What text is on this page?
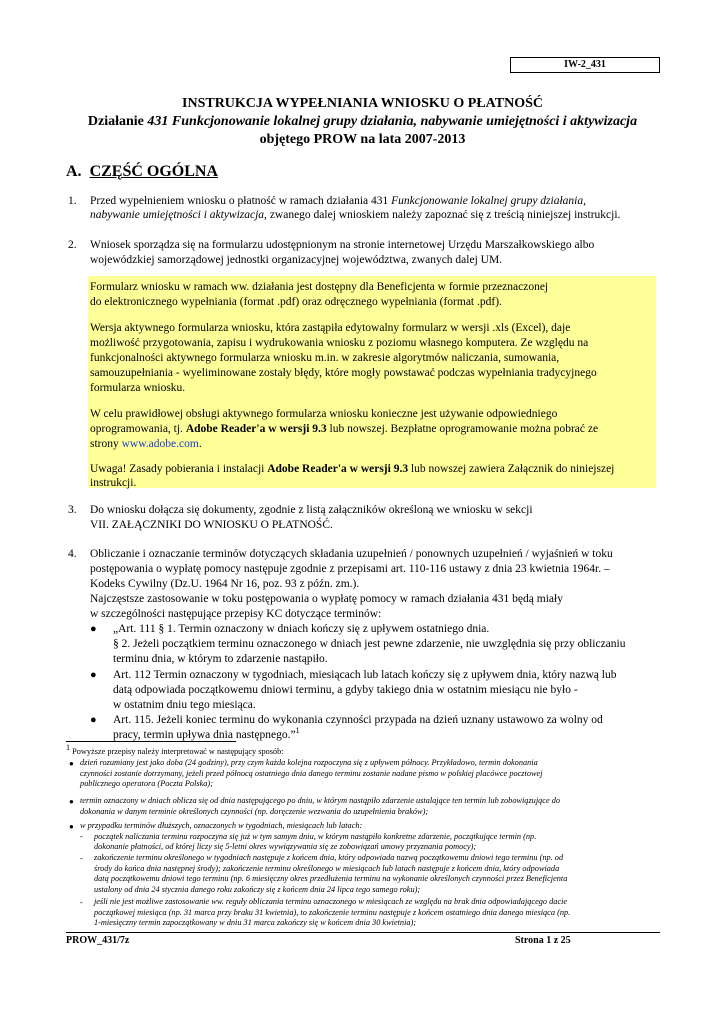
IW-2_431
INSTRUKCJA WYPEŁNIANIA WNIOSKU O PŁATNOŚĆ
Działanie 431 Funkcjonowanie lokalnej grupy działania, nabywanie umiejętności i aktywizacja
objętego PROW na lata 2007-2013
A. CZĘŚĆ OGÓLNA
1. Przed wypełnieniem wniosku o płatność w ramach działania 431 Funkcjonowanie lokalnej grupy działania,
nabywanie umiejętności i aktywizacja, zwanego dalej wnioskiem należy zapoznać się z treścią niniejszej instrukcji.
2. Wniosek sporządza się na formularzu udostępnionym na stronie internetowej Urzędu Marszałkowskiego albo
wojewódzkiej samorządowej jednostki organizacyjnej województwa, zwanych dalej UM.
Formularz wniosku w ramach ww. działania jest dostępny dla Beneficjenta w formie przeznaczonej
do elektronicznego wypełniania (format .pdf) oraz odręcznego wypełniania (format .pdf).
Wersja aktywnego formularza wniosku, która zastąpiła edytowalny formularz w wersji .xls (Excel), daje
możliwość przygotowania, zapisu i wydrukowania wniosku z poziomu własnego komputera. Ze względu na
funkcjonalności aktywnego formularza wniosku m.in. w zakresie algorytmów naliczania, sumowania,
samouzupełniania - wyeliminowane zostały błędy, które mogły powstawać podczas wypełniania tradycyjnego
formularza wniosku.
W celu prawidłowej obsługi aktywnego formularza wniosku konieczne jest używanie odpowiedniego
oprogramowania, tj. Adobe Reader'a w wersji 9.3 lub nowszej. Bezpłatne oprogramowanie można pobrać ze
strony www.adobe.com.
Uwaga! Zasady pobierania i instalacji Adobe Reader'a w wersji 9.3 lub nowszej zawiera Załącznik do niniejszej
instrukcji.
3. Do wniosku dołącza się dokumenty, zgodnie z listą załączników określoną we wniosku w sekcji
VII. ZAŁĄCZNIKI DO WNIOSKU O PŁATNOŚĆ.
4. Obliczanie i oznaczanie terminów dotyczących składania uzupełnień / ponownych uzupełnień / wyjaśnień w toku
postępowania o wypłatę pomocy następuje zgodnie z przepisami art. 110-116 ustawy z dnia 23 kwietnia 1964r. –
Kodeks Cywilny (Dz.U. 1964 Nr 16, poz. 93 z późn. zm.).
Najczęstsze zastosowanie w toku postępowania o wypłatę pomocy w ramach działania 431 będą miały
w szczególności następujące przepisy KC dotyczące terminów:
● „Art. 111 § 1. Termin oznaczony w dniach kończy się z upływem ostatniego dnia.
§ 2. Jeżeli początkiem terminu oznaczonego w dniach jest pewne zdarzenie, nie uwzględnia się przy obliczaniu
terminu dnia, w którym to zdarzenie nastąpiło.
● Art. 112 Termin oznaczony w tygodniach, miesiącach lub latach kończy się z upływem dnia, który nazwą lub
datą odpowiada początkowemu dniowi terminu, a gdyby takiego dnia w ostatnim miesiącu nie było -
w ostatnim dniu tego miesiąca.
● Art. 115. Jeżeli koniec terminu do wykonania czynności przypada na dzień uznany ustawowo za wolny od
pracy, termin upływa dnia następnego.”$^1$
$^1$ Powyższe przepisy należy interpretować w następujący sposób:
● dzień rozumiany jest jako doba (24 godziny), przy czym każda kolejna rozpoczyna się z upływem północy. Przykładowo, termin dokonania
czynności zostanie dotrzymany, jeżeli przed północą ostatniego dnia danego terminu zostanie nadane pismo w polskiej placówce pocztowej
publicznego operatora (Poczta Polska);
● termin oznaczony w dniach oblicza się od dnia następującego po dniu, w którym nastąpiło zdarzenie ustalające ten termin lub zobowiązujące do
dokonania w danym terminie określonych czynności (np. doręczenie wezwania do uzupełnienia braków);
● w przypadku terminów dłuższych, oznaczonych w tygodniach, miesiącach lub latach:
- początek naliczania terminu rozpoczyna się już w tym samym dniu, w którym nastąpiło konkretne zdarzenie, początkujące termin (np.
dokonanie płatności, od której liczy się 5-letni okres wywiązywania się ze zobowiązań umowy przyznania pomocy);
- zakończenie terminu określonego w tygodniach następuje z końcem dnia, który odpowiada nazwą początkowemu dniowi tego terminu (np. od
środy do końca dnia następnej środy); zakończenie terminu określonego w miesiącach lub latach następuje z końcem dnia, który odpowiada
datą początkowemu dniowi tego terminu (np. 6 miesięczny okres przedłużenia terminu na wykonanie określonych czynności przez Beneficjenta
ustalony od dnia 24 stycznia danego roku zakończy się z końcem dnia 24 lipca tego samego roku);
- jeśli nie jest możliwe zastosowanie ww. reguły obliczania terminu oznaczonego w miesiącach ze względu na brak dnia odpowiadającego dacie
początkowej miesiąca (np. 31 marca przy braku 31 kwietnia), to zakończenie terminu następuje z końcem ostatniego dnia danego miesiąca (np.
1-miesięczny termin zapoczątkowany w dniu 31 marca zakończy się w końcem dnia 30 kwietnia);
PROW_431/7z	Strona 1 z 25
